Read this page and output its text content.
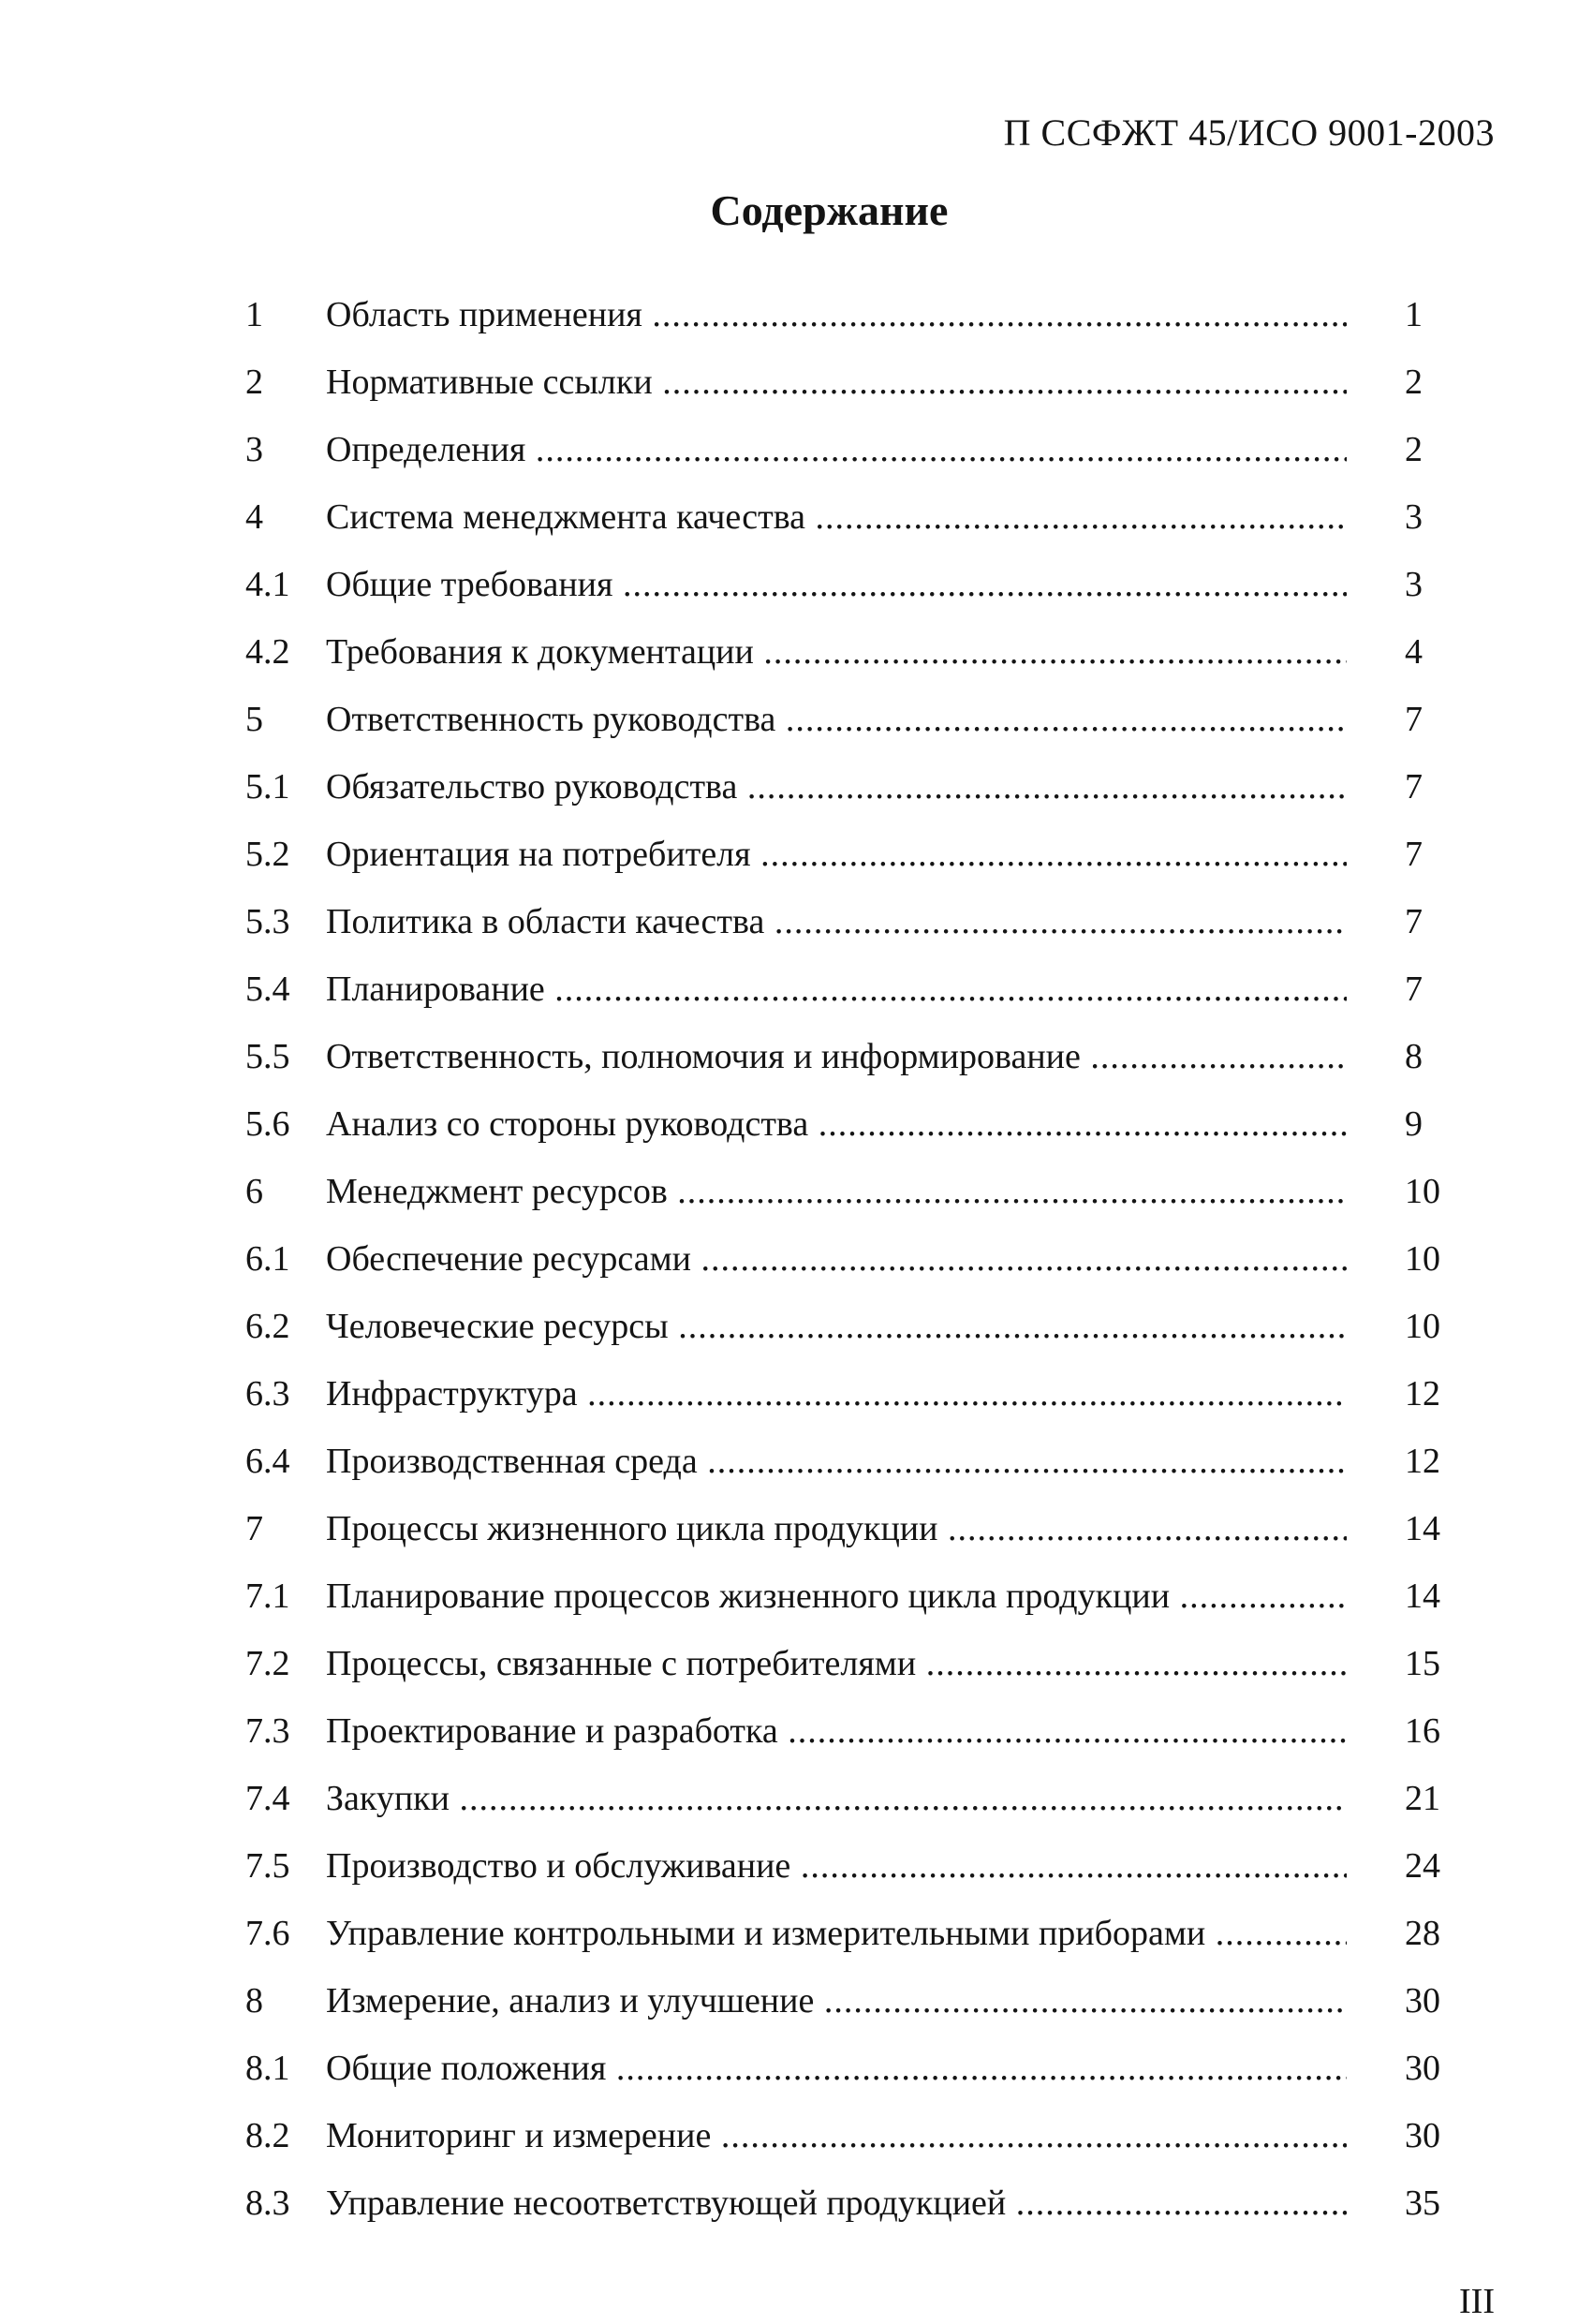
П ССФЖТ 45/ИСО 9001-2003
Содержание
1 Область применения .....	1
2 Нормативные ссылки .....	2
3 Определения .....	2
4 Система менеджмента качества .....	3
4.1 Общие требования .....	3
4.2 Требования к документации .....	4
5 Ответственность руководства .....	7
5.1 Обязательство руководства .....	7
5.2 Ориентация на потребителя .....	7
5.3 Политика в области качества .....	7
5.4 Планирование .....	7
5.5 Ответственность, полномочия и информирование .....	8
5.6 Анализ со стороны руководства .....	9
6 Менеджмент ресурсов .....	10
6.1 Обеспечение ресурсами .....	10
6.2 Человеческие ресурсы .....	10
6.3 Инфраструктура .....	12
6.4 Производственная среда .....	12
7 Процессы жизненного цикла продукции .....	14
7.1 Планирование процессов жизненного цикла продукции .....	14
7.2 Процессы, связанные с потребителями .....	15
7.3 Проектирование и разработка .....	16
7.4 Закупки .....	21
7.5 Производство и обслуживание .....	24
7.6 Управление контрольными и измерительными приборами .....	28
8 Измерение, анализ и улучшение .....	30
8.1 Общие положения .....	30
8.2 Мониторинг и измерение .....	30
8.3 Управление несоответствующей продукцией .....	35
III
